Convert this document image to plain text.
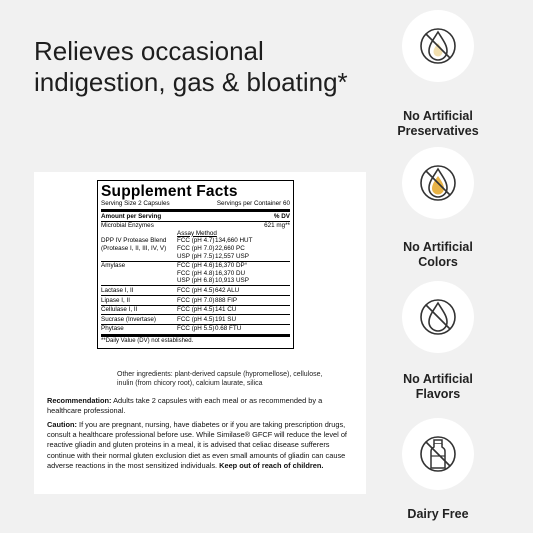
Relieves occasional indigestion, gas & bloating*
Supplement Facts
Serving Size 2 Capsules	Servings per Container 60
Amount per Serving	% DV
Microbial Enzymes	621 mg**
Assay Method
DPP IV Protease Blend	FCC (pH 4.7) 134,660 HUT
(Protease I, II, III, IV, V)	FCC (pH 7.0) 22,660 PC
USP (pH 7.5) 12,557 USP
Amylase	FCC (pH 4.6) 16,370 DP°
FCC (pH 4.8) 16,370 DU
USP (pH 6.8) 10,913 USP
Lactase I, II	FCC (pH 4.5) 642 ALU
Lipase I, II	FCC (pH 7.0) 888 FIP
Cellulase I, II	FCC (pH 4.5) 141 CU
Sucrase (Invertase)	FCC (pH 4.5) 191 SU
Phytase	FCC (pH 5.5) 0.68 FTU
**Daily Value (DV) not established.
Other ingredients: plant-derived capsule (hypromellose), cellulose, inulin (from chicory root), calcium laurate, silica
Recommendation: Adults take 2 capsules with each meal or as recommended by a healthcare professional.
Caution: If you are pregnant, nursing, have diabetes or if you are taking prescription drugs, consult a healthcare professional before use. While Similase® GFCF will reduce the level of reactive gliadin and gluten proteins in a meal, it is advised that celiac disease sufferers continue with their normal gluten exclusion diet as even small amounts of gliadin can cause adverse reactions in the most sensitized individuals. Keep out of reach of children.
No Artificial
Preservatives
No Artificial
Colors
No Artificial
Flavors
Dairy Free
